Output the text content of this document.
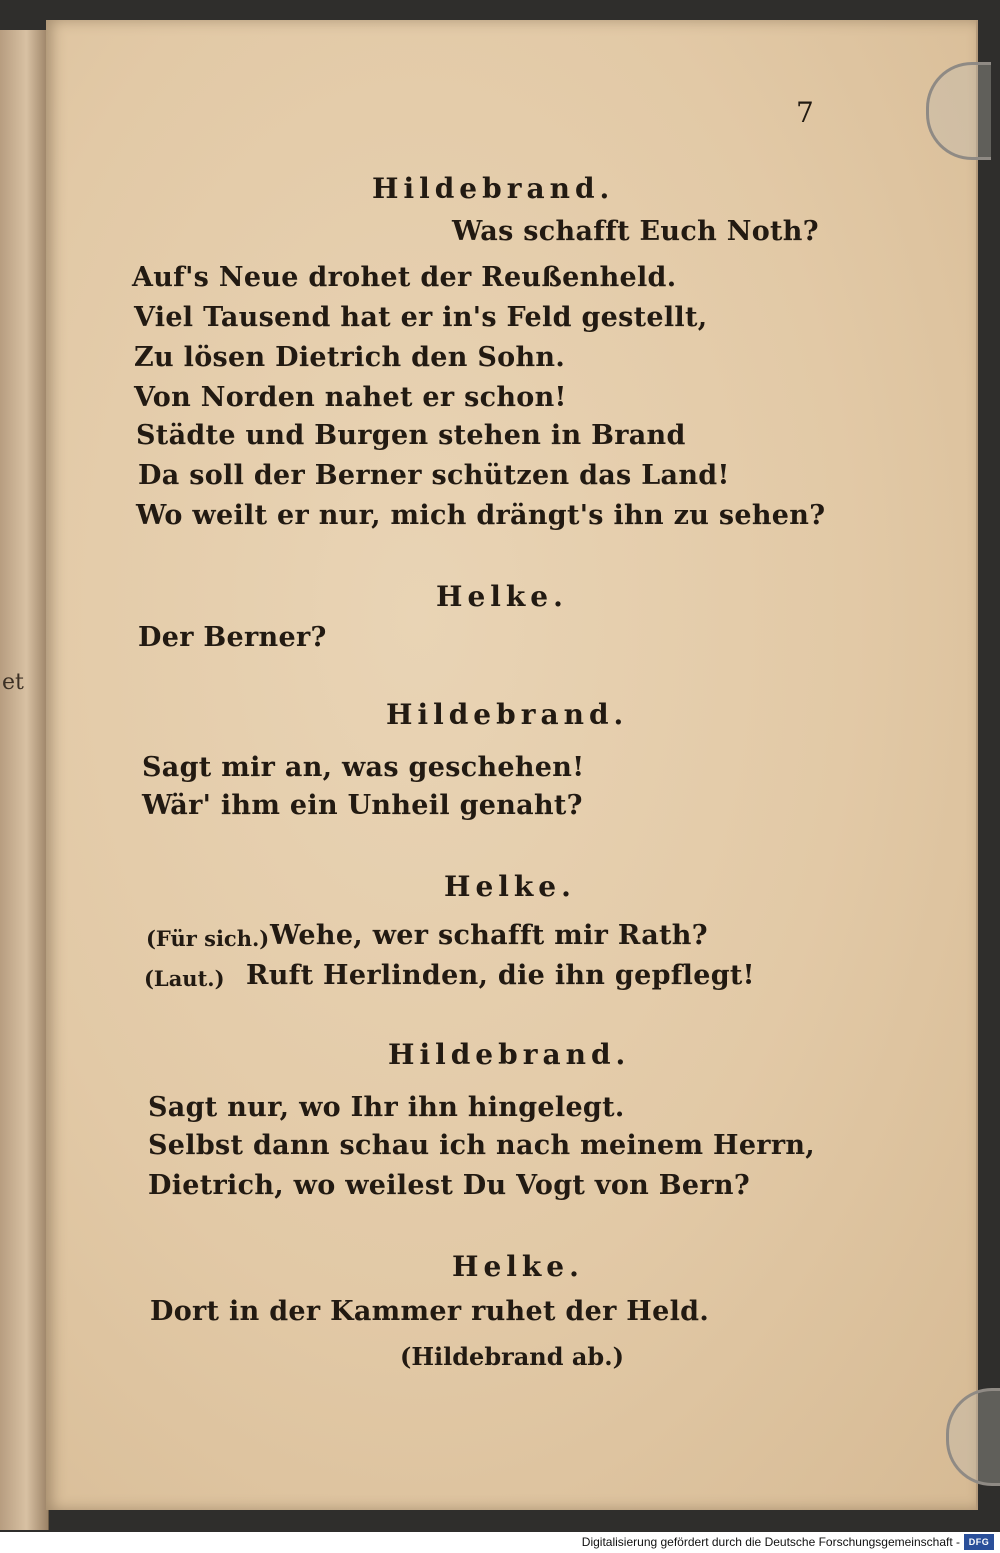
et

7

Hildebrand.

Was schafft Euch Noth?

Auf's Neue drohet der Reußenheld.

Viel Tausend hat er in's Feld gestellt,

Zu lösen Dietrich den Sohn.

Von Norden nahet er schon!

Städte und Burgen stehen in Brand

Da soll der Berner schützen das Land!

Wo weilt er nur, mich drängt's ihn zu sehen?

Helke.

Der Berner?

Hildebrand.

Sagt mir an, was geschehen!

Wär' ihm ein Unheil genaht?

Helke.

(Für sich.) Wehe, wer schafft mir Rath?

(Laut.) Ruft Herlinden, die ihn gepflegt!

Hildebrand.

Sagt nur, wo Ihr ihn hingelegt.

Selbst dann schau ich nach meinem Herrn,

Dietrich, wo weilest Du Vogt von Bern?

Helke.

Dort in der Kammer ruhet der Held.

(Hildebrand ab.)

Digitalisierung gefördert durch die Deutsche Forschungsgemeinschaft - DFG
